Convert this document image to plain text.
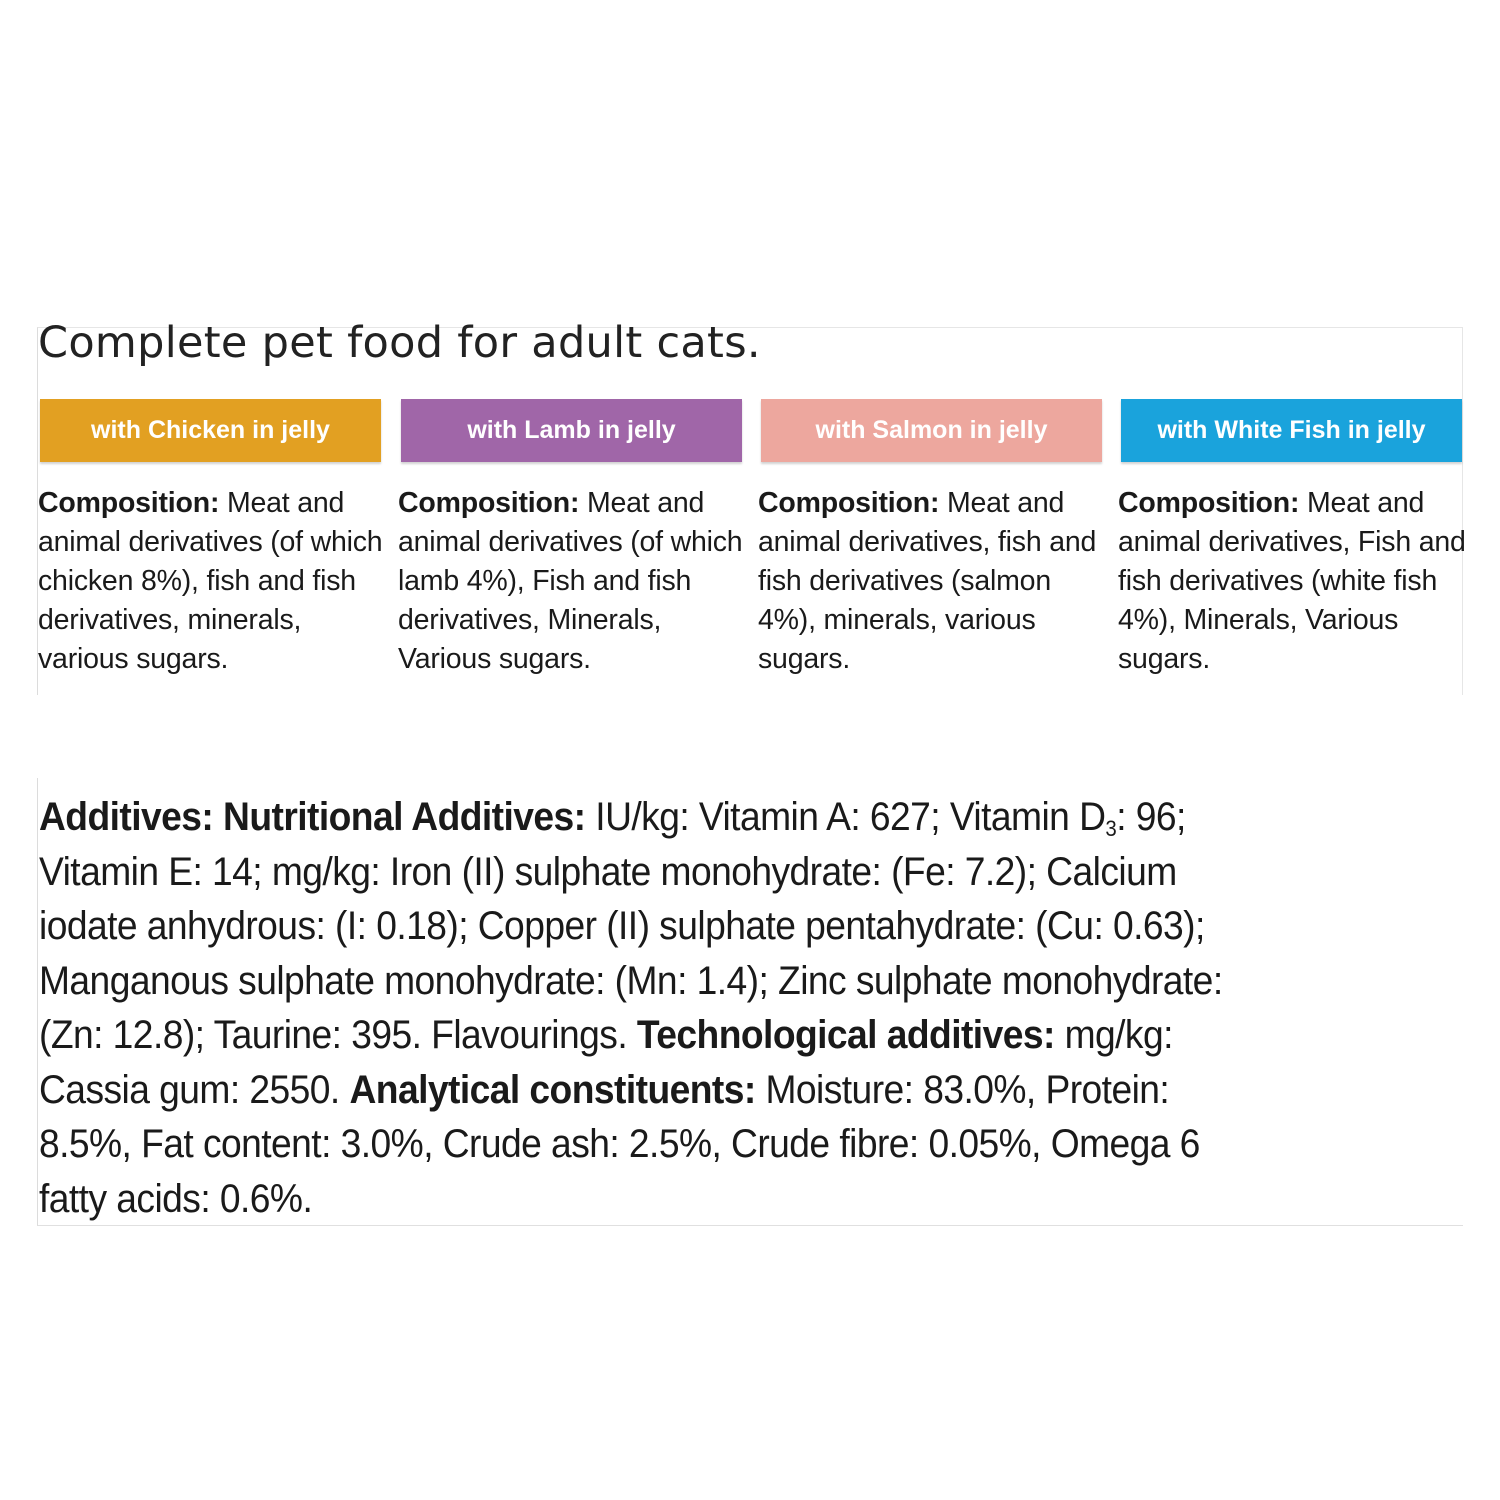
Complete pet food for adult cats.
with Chicken in jelly	with Lamb in jelly	with Salmon in jelly	with White Fish in jelly
Composition: Meat and animal derivatives (of which chicken 8%), fish and fish derivatives, minerals, various sugars.
Composition: Meat and animal derivatives (of which lamb 4%), Fish and fish derivatives, Minerals, Various sugars.
Composition: Meat and animal derivatives, fish and fish derivatives (salmon 4%), minerals, various sugars.
Composition: Meat and animal derivatives, Fish and fish derivatives (white fish 4%), Minerals, Various sugars.
Additives: Nutritional Additives: IU/kg: Vitamin A: 627; Vitamin $D_3$: 96; Vitamin E: 14; mg/kg: Iron (II) sulphate monohydrate: (Fe: 7.2); Calcium iodate anhydrous: (I: 0.18); Copper (II) sulphate pentahydrate: (Cu: 0.63); Manganous sulphate monohydrate: (Mn: 1.4); Zinc sulphate monohydrate: (Zn: 12.8); Taurine: 395. Flavourings. Technological additives: mg/kg: Cassia gum: 2550. Analytical constituents: Moisture: 83.0%, Protein: 8.5%, Fat content: 3.0%, Crude ash: 2.5%, Crude fibre: 0.05%, Omega 6 fatty acids: 0.6%.
